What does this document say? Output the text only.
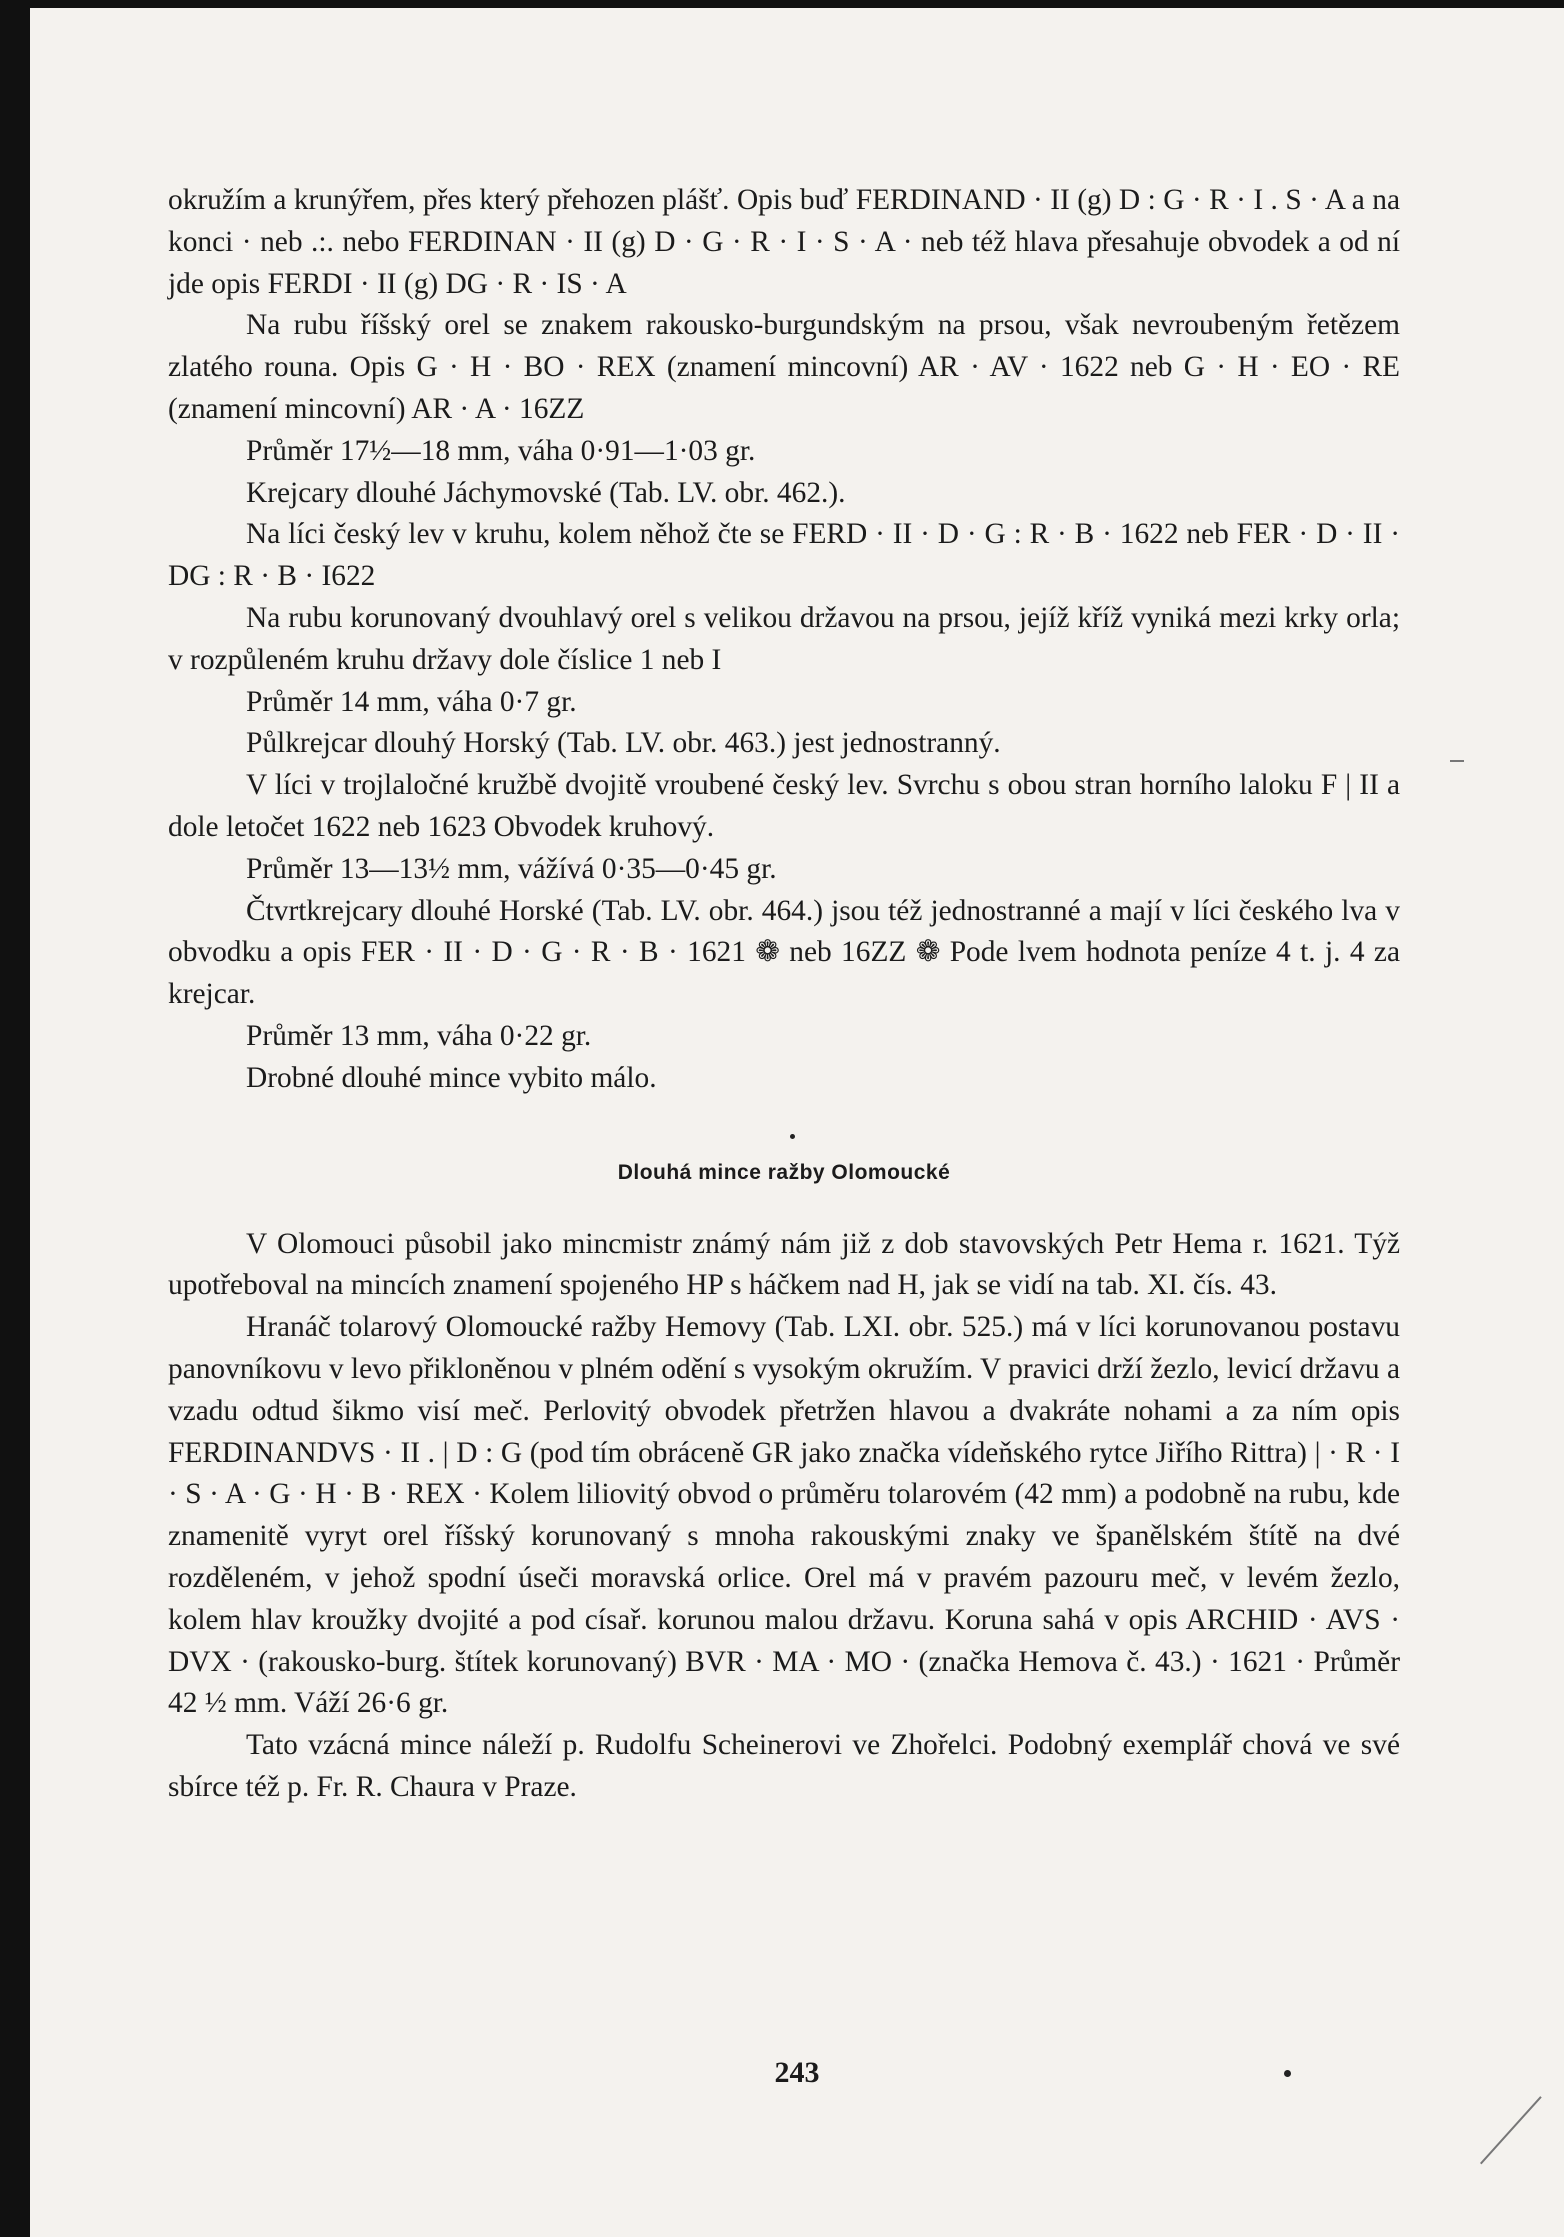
okružím a krunýřem, přes který přehozen plášť. Opis buď FERDINAND · II (g) D : G · R · I . S · A a na konci · neb .:. nebo FERDINAN · II (g) D · G · R · I · S · A · neb též hlava přesahuje obvodek a od ní jde opis FERDI · II (g) DG · R · IS · A

Na rubu říšský orel se znakem rakousko-burgundským na prsou, však nevroubeným řetězem zlatého rouna. Opis G · H · BO · REX (znamení mincovní) AR · AV · 1622 neb G · H · EO · RE (znamení mincovní) AR · A · 16ZZ

Průměr 17½—18 mm, váha 0·91—1·03 gr.

Krejcary dlouhé Jáchymovské (Tab. LV. obr. 462.).

Na líci český lev v kruhu, kolem něhož čte se FERD · II · D · G : R · B · 1622 neb FER · D · II · DG : R · B · I622

Na rubu korunovaný dvouhlavý orel s velikou državou na prsou, jejíž kříž vyniká mezi krky orla; v rozpůleném kruhu državy dole číslice 1 neb I

Průměr 14 mm, váha 0·7 gr.

Půlkrejcar dlouhý Horský (Tab. LV. obr. 463.) jest jednostranný.

V líci v trojlaločné kružbě dvojitě vroubené český lev. Svrchu s obou stran horního laloku F | II a dole letočet 1622 neb 1623 Obvodek kruhový.

Průměr 13—13½ mm, vážívá 0·35—0·45 gr.

Čtvrtkrejcary dlouhé Horské (Tab. LV. obr. 464.) jsou též jednostranné a mají v líci českého lva v obvodku a opis FER · II · D · G · R · B · 1621 ❁ neb 16ZZ ❁ Pode lvem hodnota peníze 4 t. j. 4 za krejcar.

Průměr 13 mm, váha 0·22 gr.

Drobné dlouhé mince vybito málo.

Dlouhá mince ražby Olomoucké

V Olomouci působil jako mincmistr známý nám již z dob stavovských Petr Hema r. 1621. Týž upotřeboval na mincích znamení spojeného HP s háčkem nad H, jak se vidí na tab. XI. čís. 43.

Hranáč tolarový Olomoucké ražby Hemovy (Tab. LXI. obr. 525.) má v líci korunovanou postavu panovníkovu v levo přikloněnou v plném odění s vysokým okružím. V pravici drží žezlo, levicí državu a vzadu odtud šikmo visí meč. Perlovitý obvodek přetržen hlavou a dvakráte nohami a za ním opis FERDINANDVS · II . | D : G (pod tím obráceně GR jako značka vídeňského rytce Jiřího Rittra) | · R · I · S · A · G · H · B · REX · Kolem liliovitý obvod o průměru tolarovém (42 mm) a podobně na rubu, kde znamenitě vyryt orel říšský korunovaný s mnoha rakouskými znaky ve španělském štítě na dvé rozděleném, v jehož spodní úseči moravská orlice. Orel má v pravém pazouru meč, v levém žezlo, kolem hlav kroužky dvojité a pod císař. korunou malou državu. Koruna sahá v opis ARCHID · AVS · DVX · (rakousko-burg. štítek korunovaný) BVR · MA · MO · (značka Hemova č. 43.) · 1621 · Průměr 42 ½ mm. Váží 26·6 gr.

Tato vzácná mince náleží p. Rudolfu Scheinerovi ve Zhořelci. Podobný exemplář chová ve své sbírce též p. Fr. R. Chaura v Praze.

243
